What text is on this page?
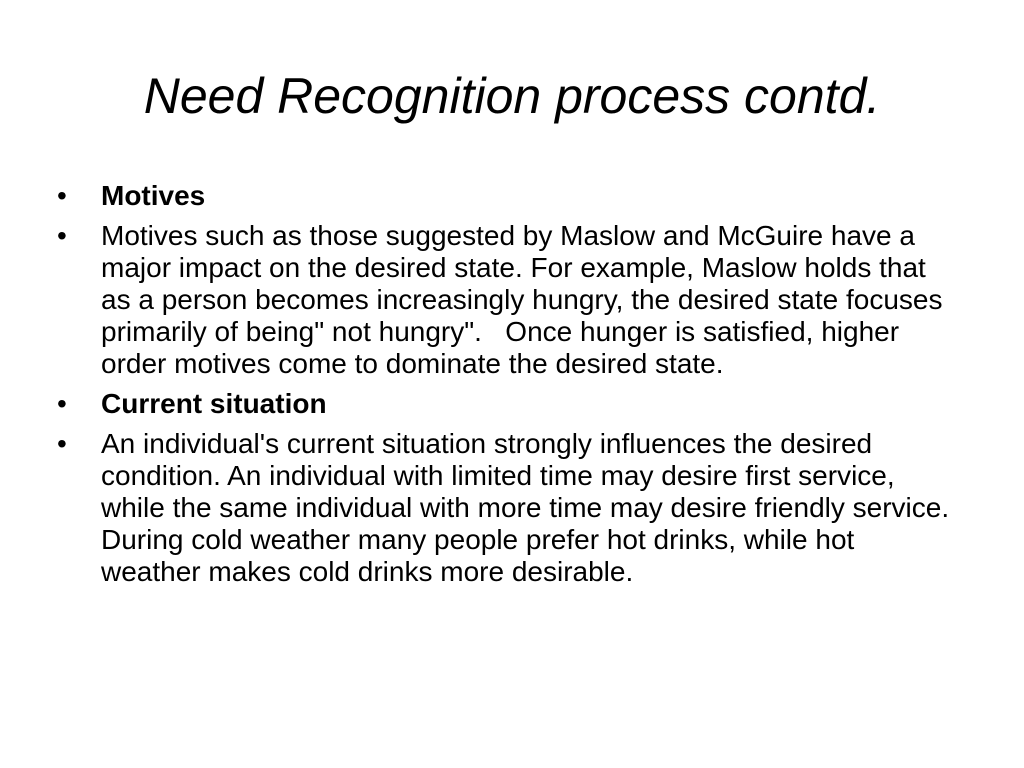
Need Recognition process contd.
• Motives
• Motives such as those suggested by Maslow and McGuire have a major impact on the desired state. For example, Maslow holds that as a person becomes increasingly hungry, the desired state focuses primarily of being" not hungry".   Once hunger is satisfied, higher order motives come to dominate the desired state.
• Current situation
• An individual's current situation strongly influences the desired condition. An individual with limited time may desire first service, while the same individual with more time may desire friendly service. During cold weather many people prefer hot drinks, while hot weather makes cold drinks more desirable.
